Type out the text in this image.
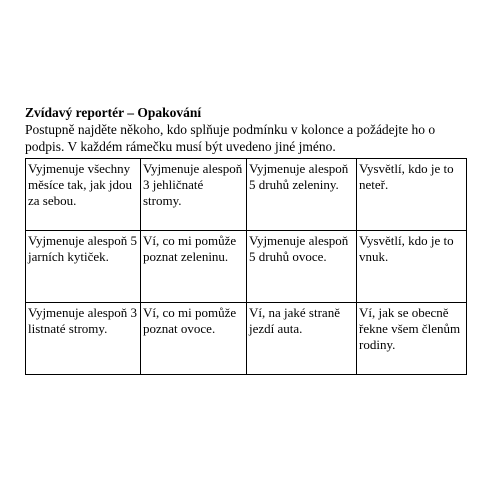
Zvídavý reportér – Opakování

Postupně najděte někoho, kdo splňuje podmínku v kolonce a požádejte ho o podpis. V každém rámečku musí být uvedeno jiné jméno.

Vyjmenuje všechny měsíce tak, jak jdou za sebou.	Vyjmenuje alespoň 3 jehličnaté stromy.	Vyjmenuje alespoň 5 druhů zeleniny.	Vysvětlí, kdo je to neteř.
Vyjmenuje alespoň 5 jarních kytiček.	Ví, co mi pomůže poznat zeleninu.	Vyjmenuje alespoň 5 druhů ovoce.	Vysvětlí, kdo je to vnuk.
Vyjmenuje alespoň 3 listnaté stromy.	Ví, co mi pomůže poznat ovoce.	Ví, na jaké straně jezdí auta.	Ví, jak se obecně řekne všem členům rodiny.
